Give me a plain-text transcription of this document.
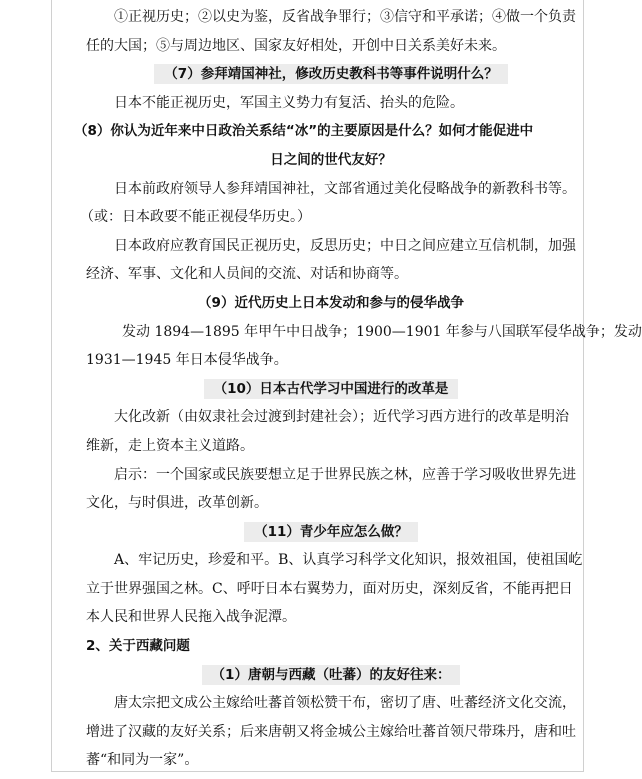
①正视历史；②以史为鉴，反省战争罪行；③信守和平承诺；④做一个负责
任的大国；⑤与周边地区、国家友好相处，开创中日关系美好未来。
（7）参拜靖国神社，修改历史教科书等事件说明什么？
日本不能正视历史，军国主义势力有复活、抬头的危险。
（8）你认为近年来中日政治关系结“冰”的主要原因是什么？如何才能促进中
日之间的世代友好？
日本前政府领导人参拜靖国神社，文部省通过美化侵略战争的新教科书等。
（或：日本政要不能正视侵华历史。）
日本政府应教育国民正视历史，反思历史；中日之间应建立互信机制，加强
经济、军事、文化和人员间的交流、对话和协商等。
（9）近代历史上日本发动和参与的侵华战争
发动 1894—1895 年甲午中日战争；1900—1901 年参与八国联军侵华战争；发动
1931—1945 年日本侵华战争。
（10）日本古代学习中国进行的改革是
大化改新（由奴隶社会过渡到封建社会）；近代学习西方进行的改革是明治
维新，走上资本主义道路。
启示：一个国家或民族要想立足于世界民族之林，应善于学习吸收世界先进
文化，与时俱进，改革创新。
（11）青少年应怎么做？
A、牢记历史，珍爱和平。B、认真学习科学文化知识，报效祖国，使祖国屹
立于世界强国之林。C、呼吁日本右翼势力，面对历史，深刻反省，不能再把日
本人民和世界人民拖入战争泥潭。
2、关于西藏问题
（1）唐朝与西藏（吐蕃）的友好往来：
唐太宗把文成公主嫁给吐蕃首领松赞干布，密切了唐、吐蕃经济文化交流，
增进了汉藏的友好关系；后来唐朝又将金城公主嫁给吐蕃首领尺带珠丹，唐和吐
蕃“和同为一家”。
